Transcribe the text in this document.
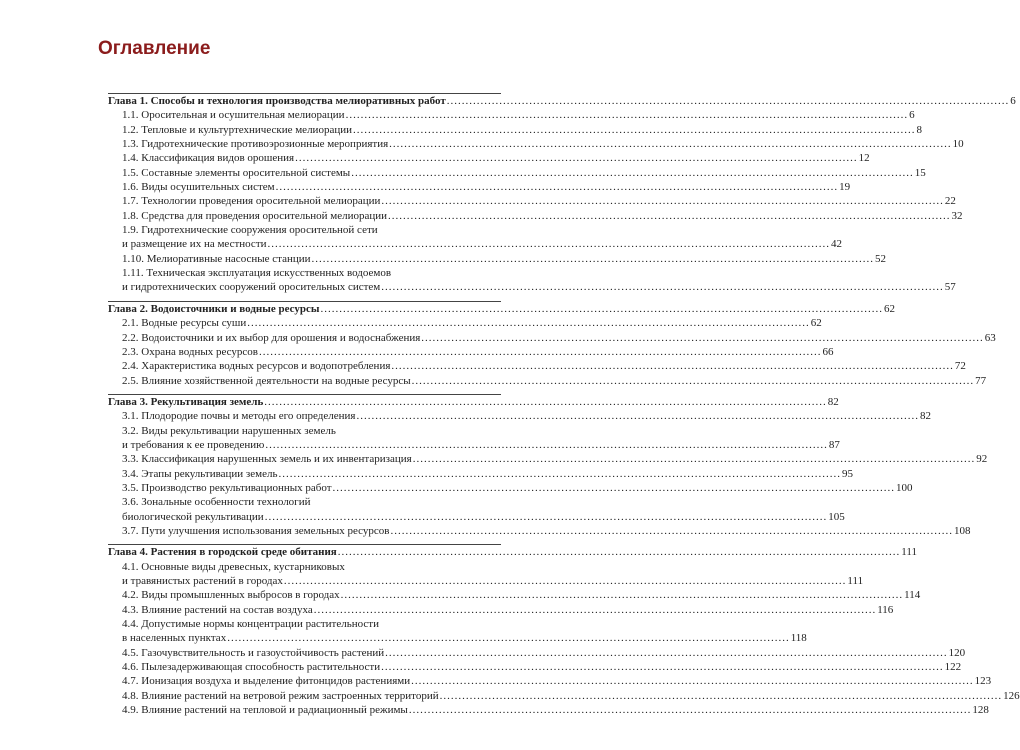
Оглавление
Глава 1. Способы и технология производства мелиоративных работ .....	6
1.1. Оросительная и осушительная мелиорации .....	6
1.2. Тепловые и культуртехнические мелиорации .....	8
1.3. Гидротехнические противоэрозионные мероприятия .....	10
1.4. Классификация видов орошения .....	12
1.5. Составные элементы оросительной системы .....	15
1.6. Виды осушительных систем .....	19
1.7. Технологии проведения оросительной мелиорации .....	22
1.8. Средства для проведения оросительной мелиорации .....	32
1.9. Гидротехнические сооружения оросительной сети
и размещение их на местности .....	42
1.10. Мелиоративные насосные станции .....	52
1.11. Техническая эксплуатация искусственных водоемов
и гидротехнических сооружений оросительных систем .....	57
Глава 2. Водоисточники и водные ресурсы .....	62
2.1. Водные ресурсы суши .....	62
2.2. Водоисточники и их выбор для орошения и водоснабжения .....	63
2.3. Охрана водных ресурсов .....	66
2.4. Характеристика водных ресурсов и водопотребления .....	72
2.5. Влияние хозяйственной деятельности на водные ресурсы .....	77
Глава 3. Рекультивация земель .....	82
3.1. Плодородие почвы и методы его определения .....	82
3.2. Виды рекультивации нарушенных земель
и требования к ее проведению .....	87
3.3. Классификация нарушенных земель и их инвентаризация .....	92
3.4. Этапы рекультивации земель .....	95
3.5. Производство рекультивационных работ .....	100
3.6. Зональные особенности технологий
биологической рекультивации .....	105
3.7. Пути улучшения использования земельных ресурсов .....	108
Глава 4. Растения в городской среде обитания .....	111
4.1. Основные виды древесных, кустарниковых
и травянистых растений в городах .....	111
4.2. Виды промышленных выбросов в городах .....	114
4.3. Влияние растений на состав воздуха .....	116
4.4. Допустимые нормы концентрации растительности
в населенных пунктах .....	118
4.5. Газочувствительность и газоустойчивость растений .....	120
4.6. Пылезадерживающая способность растительности .....	122
4.7. Ионизация воздуха и выделение фитонцидов растениями .....	123
4.8. Влияние растений на ветровой режим застроенных территорий .....	126
4.9. Влияние растений на тепловой и радиационный режимы .....	128
